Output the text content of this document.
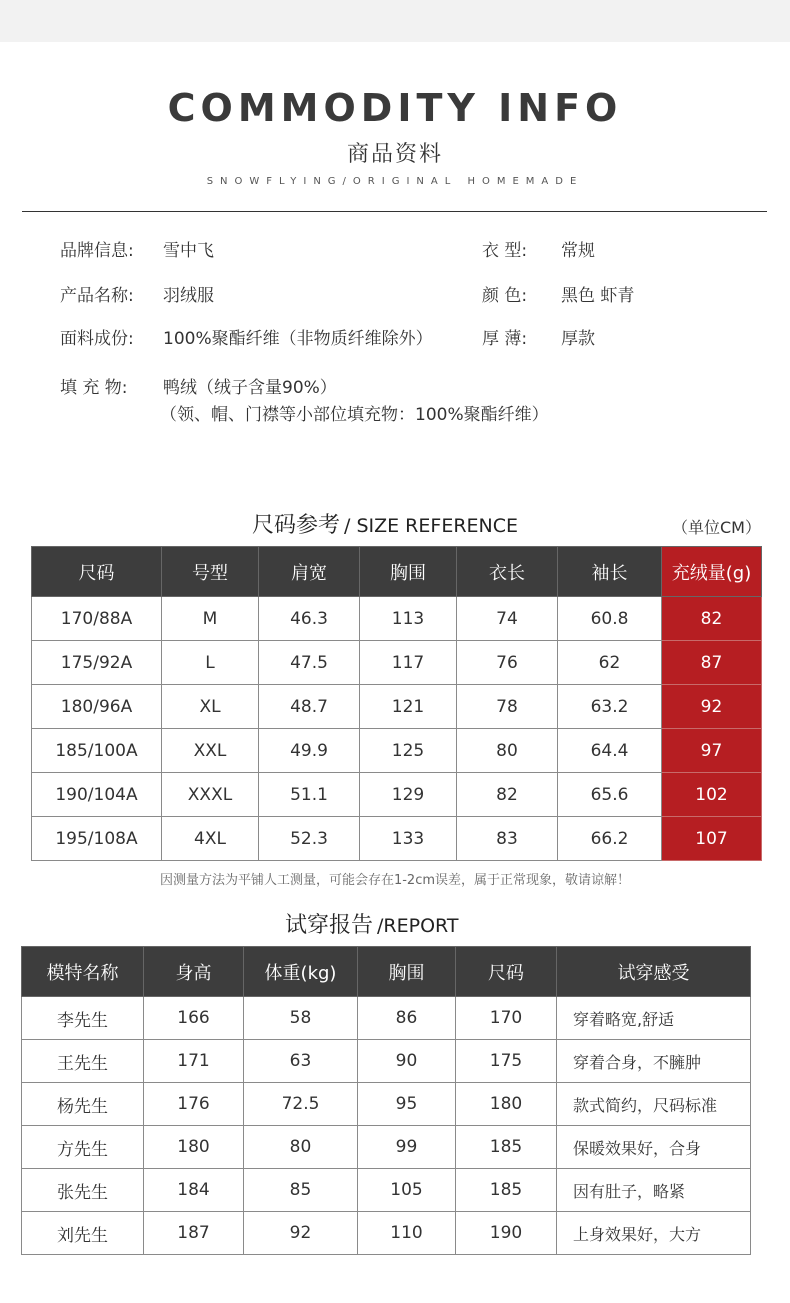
COMMODITY INFO
商品资料
SNOWFLYING/ORIGINAL HOMEMADE
品牌信息: 雪中飞
产品名称: 羽绒服
面料成份: 100%聚酯纤维（非物质纤维除外）
填 充 物: 鸭绒（绒子含量90%）
（领、帽、门襟等小部位填充物：100%聚酯纤维）
衣 型: 常规
颜 色: 黑色 虾青
厚 薄: 厚款
尺码参考 / SIZE REFERENCE	（单位CM）
尺码	号型	肩宽	胸围	衣长	袖长	充绒量(g)
170/88A	M	46.3	113	74	60.8	82
175/92A	L	47.5	117	76	62	87
180/96A	XL	48.7	121	78	63.2	92
185/100A	XXL	49.9	125	80	64.4	97
190/104A	XXXL	51.1	129	82	65.6	102
195/108A	4XL	52.3	133	83	66.2	107
因测量方法为平铺人工测量，可能会存在1-2cm误差，属于正常现象，敬请谅解！
试穿报告 /REPORT
模特名称	身高	体重(kg)	胸围	尺码	试穿感受
李先生	166	58	86	170	穿着略宽,舒适
王先生	171	63	90	175	穿着合身，不臃肿
杨先生	176	72.5	95	180	款式简约，尺码标准
方先生	180	80	99	185	保暖效果好，合身
张先生	184	85	105	185	因有肚子，略紧
刘先生	187	92	110	190	上身效果好，大方
